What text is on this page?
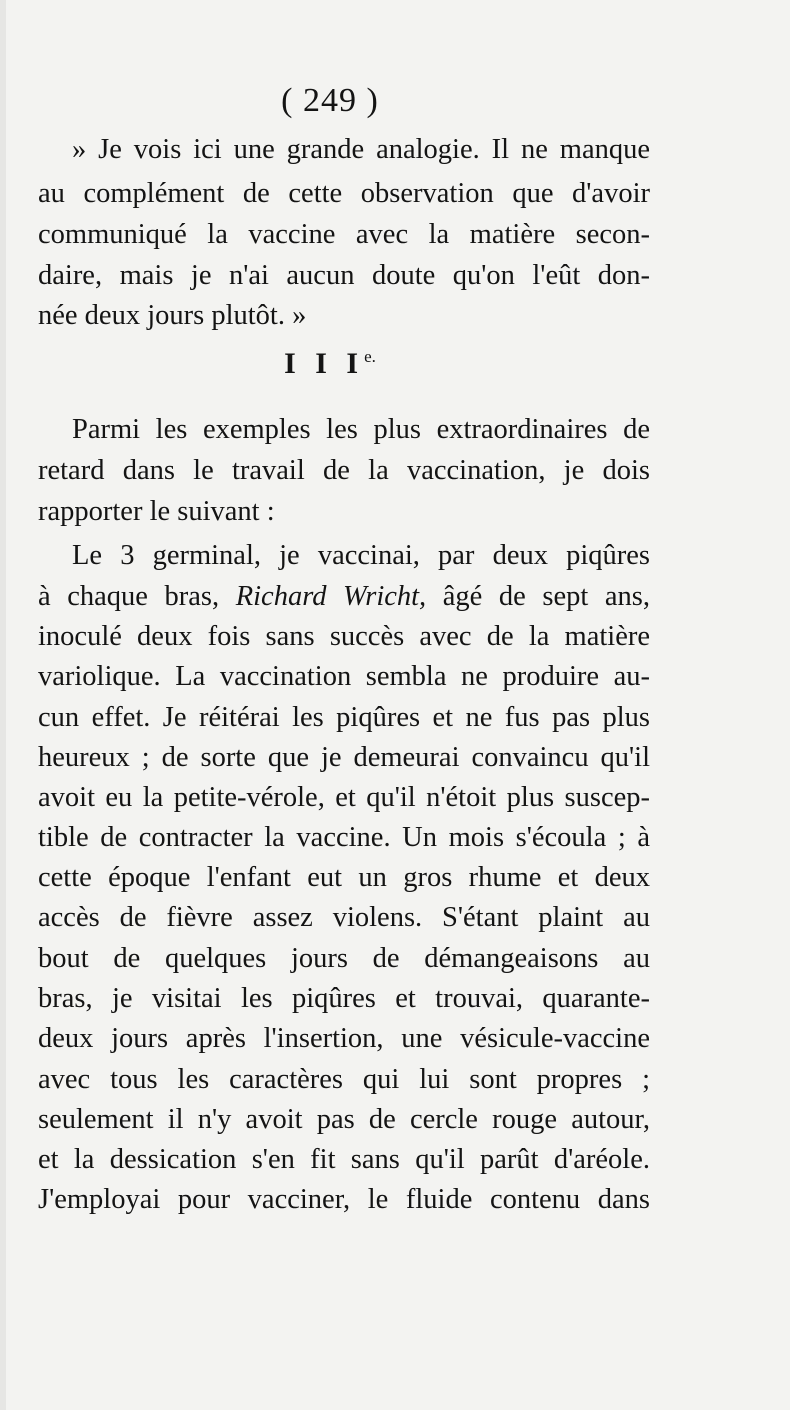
( 249 )
» Je vois ici une grande analogie. Il ne manque
au complément de cette observation que d'avoir
communiqué la vaccine avec la matière secon-
daire, mais je n'ai aucun doute qu'on l'eût don-
née deux jours plutôt. »
I I $I^{e.}$
Parmi les exemples les plus extraordinaires de
retard dans le travail de la vaccination, je dois
rapporter le suivant :
Le 3 germinal, je vaccinai, par deux piqûres
à chaque bras, Richard Wricht, âgé de sept ans,
inoculé deux fois sans succès avec de la matière
variolique. La vaccination sembla ne produire au-
cun effet. Je réitérai les piqûres et ne fus pas plus
heureux ; de sorte que je demeurai convaincu qu'il
avoit eu la petite-vérole, et qu'il n'étoit plus suscep-
tible de contracter la vaccine. Un mois s'écoula ; à
cette époque l'enfant eut un gros rhume et deux
accès de fièvre assez violens. S'étant plaint au
bout de quelques jours de démangeaisons au
bras, je visitai les piqûres et trouvai, quarante-
deux jours après l'insertion, une vésicule-vaccine
avec tous les caractères qui lui sont propres ;
seulement il n'y avoit pas de cercle rouge autour,
et la dessication s'en fit sans qu'il parût d'aréole.
J'employai pour vacciner, le fluide contenu dans
